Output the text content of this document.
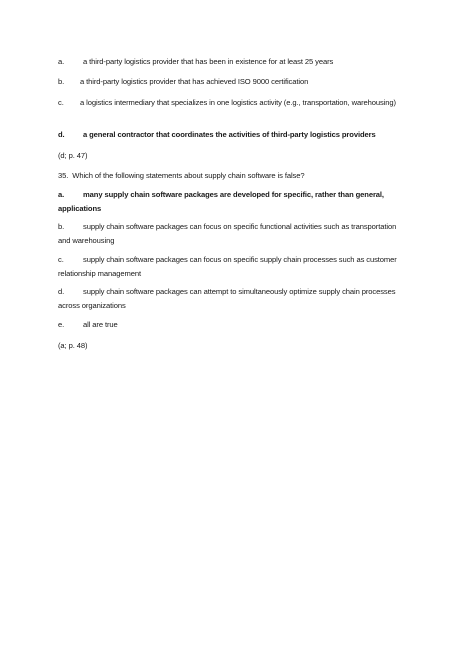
a. a third-party logistics provider that has been in existence for at least 25 years
b. a third-party logistics provider that has achieved ISO 9000 certification
c. a logistics intermediary that specializes in one logistics activity (e.g., transportation, warehousing)
d. a general contractor that coordinates the activities of third-party logistics providers
(d; p. 47)
35. Which of the following statements about supply chain software is false?
a. many supply chain software packages are developed for specific, rather than general, applications
b. supply chain software packages can focus on specific functional activities such as transportation and warehousing
c.	supply chain software packages can focus on specific supply chain processes such as customer relationship management
d. supply chain software packages can attempt to simultaneously optimize supply chain processes across organizations
e. all are true
(a; p. 48)
